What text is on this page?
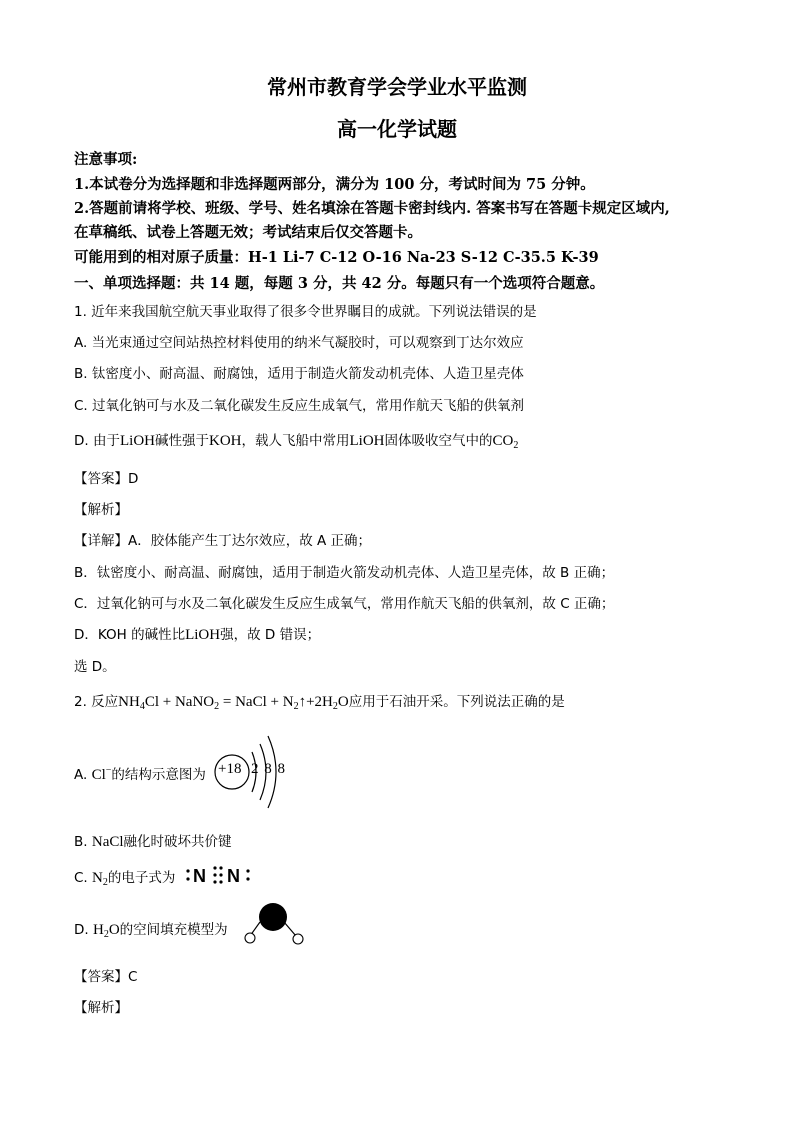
常州市教育学会学业水平监测
高一化学试题
注意事项:
1.本试卷分为选择题和非选择题两部分，满分为 100 分，考试时间为 75 分钟。
2.答题前请将学校、班级、学号、姓名填涂在答题卡密封线内. 答案书写在答题卡规定区域内,
在草稿纸、试卷上答题无效；考试结束后仅交答题卡。
可能用到的相对原子质量：H-1 Li-7 C-12 O-16 Na-23 S-12 C-35.5 K-39
一、单项选择题：共 14 题，每题 3 分，共 42 分。每题只有一个选项符合题意。
1. 近年来我国航空航天事业取得了很多令世界瞩目的成就。下列说法错误的是
A. 当光束通过空间站热控材料使用的纳米气凝胶时，可以观察到丁达尔效应
B. 钛密度小、耐高温、耐腐蚀，适用于制造火箭发动机壳体、人造卫星壳体
C. 过氧化钠可与水及二氧化碳发生反应生成氧气，常用作航天飞船的供氧剂
D. 由于LiOH碱性强于KOH，载人飞船中常用LiOH固体吸收空气中的$CO_2$
【答案】D
【解析】
【详解】A．胶体能产生丁达尔效应，故 A 正确；
B．钛密度小、耐高温、耐腐蚀，适用于制造火箭发动机壳体、人造卫星壳体，故 B 正确；
C．过氧化钠可与水及二氧化碳发生反应生成氧气，常用作航天飞船的供氧剂，故 C 正确；
D．KOH 的碱性比LiOH强，故 D 错误；
选 D。
2. 反应$NH_4Cl$ + NaNO$_2$ = NaCl + $N_2↑+2H_2O$应用于石油开采。下列说法正确的是
A. Cl−的结构示意图为 +18 2 8 8
B. NaCl融化时破坏共价键
C. $N_2$的电子式为 N N
D. $H_2O$的空间填充模型为
【答案】C
【解析】
